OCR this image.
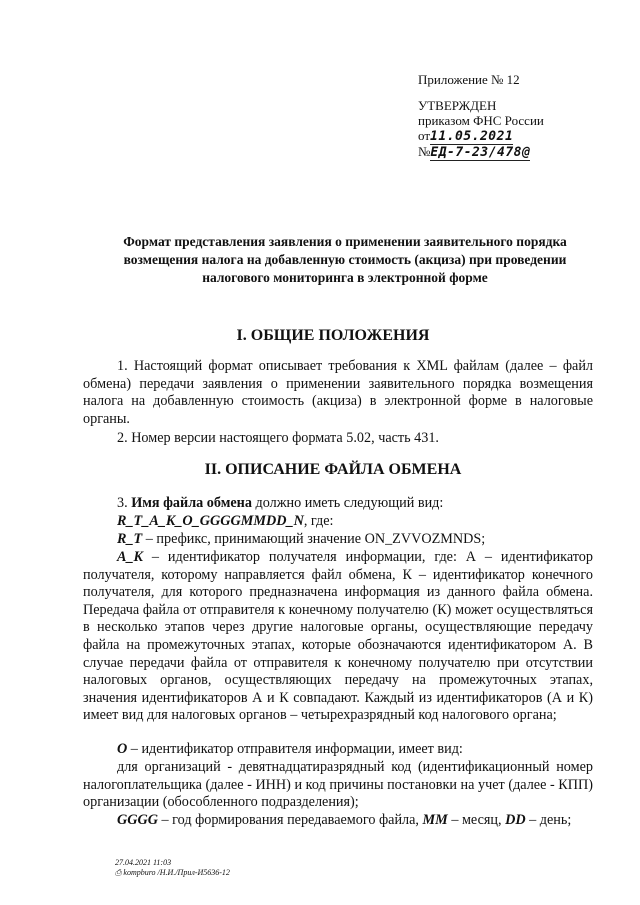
Приложение № 12
УТВЕРЖДЕН
приказом ФНС России
от11.05.2021
№ЕД-7-23/478@
Формат представления заявления о применении заявительного порядка возмещения налога на добавленную стоимость (акциза) при проведении налогового мониторинга в электронной форме
I. ОБЩИЕ ПОЛОЖЕНИЯ
1. Настоящий формат описывает требования к XML файлам (далее – файл обмена) передачи заявления о применении заявительного порядка возмещения налога на добавленную стоимость (акциза) в электронной форме в налоговые органы.
2. Номер версии настоящего формата 5.02, часть 431.
II. ОПИСАНИЕ ФАЙЛА ОБМЕНА
3. Имя файла обмена должно иметь следующий вид:
R_T_A_K_O_GGGGMMDD_N, где:
R_T – префикс, принимающий значение ON_ZVVOZMNDS;
A_K – идентификатор получателя информации, где: А – идентификатор получателя, которому направляется файл обмена, К – идентификатор конечного получателя, для которого предназначена информация из данного файла обмена. Передача файла от отправителя к конечному получателю (К) может осуществляться в несколько этапов через другие налоговые органы, осуществляющие передачу файла на промежуточных этапах, которые обозначаются идентификатором А. В случае передачи файла от отправителя к конечному получателю при отсутствии налоговых органов, осуществляющих передачу на промежуточных этапах, значения идентификаторов А и К совпадают. Каждый из идентификаторов (А и К) имеет вид для налоговых органов – четырехразрядный код налогового органа;
O – идентификатор отправителя информации, имеет вид:
для организаций - девятнадцатиразрядный код (идентификационный номер налогоплательщика (далее - ИНН) и код причины постановки на учет (далее - КПП) организации (обособленного подразделения);
GGGG – год формирования передаваемого файла, MM – месяц, DD – день;
27.04.2021 11:03
⎙ kompburo /Н.И./Прил-И5636-12
